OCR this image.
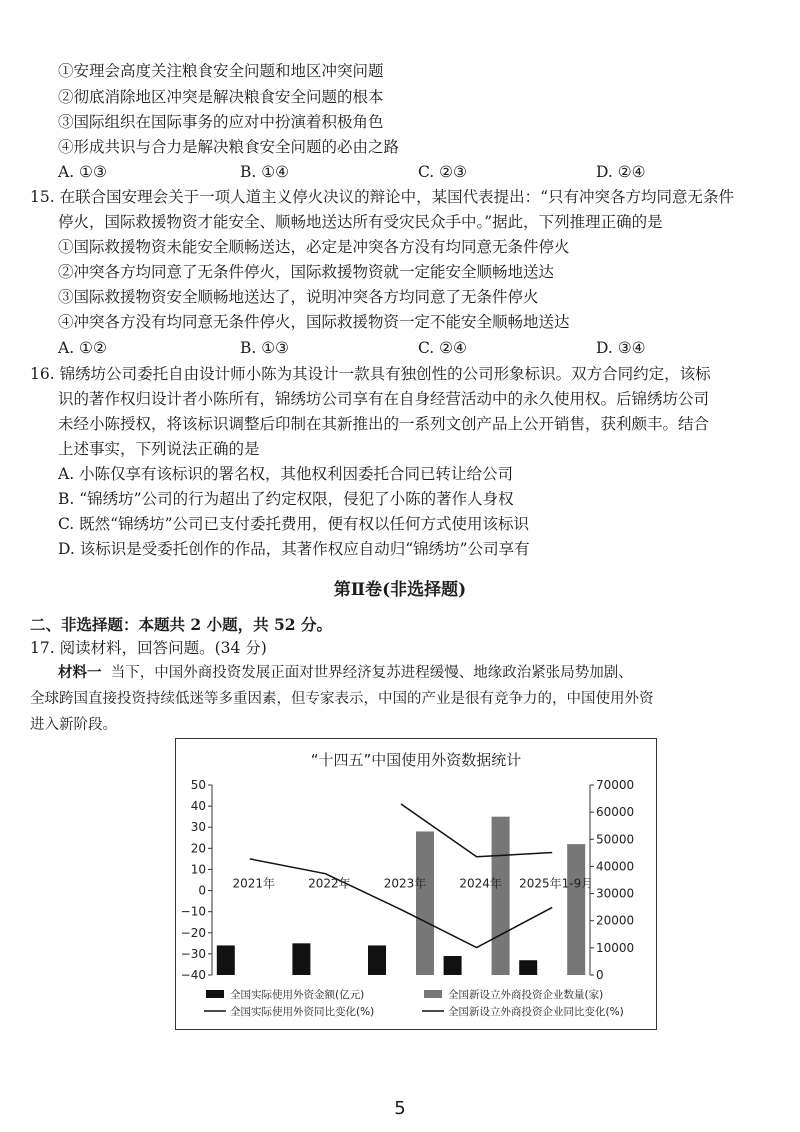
①安理会高度关注粮食安全问题和地区冲突问题
②彻底消除地区冲突是解决粮食安全问题的根本
③国际组织在国际事务的应对中扮演着积极角色
④形成共识与合力是解决粮食安全问题的必由之路
A. ①③	B. ①④	C. ②③	D. ②④
15. 在联合国安理会关于一项人道主义停火决议的辩论中，某国代表提出：“只有冲突各方均同意无条件
停火，国际救援物资才能安全、顺畅地送达所有受灾民众手中。”据此，下列推理正确的是
①国际救援物资未能安全顺畅送达，必定是冲突各方没有均同意无条件停火
②冲突各方均同意了无条件停火，国际救援物资就一定能安全顺畅地送达
③国际救援物资安全顺畅地送达了，说明冲突各方均同意了无条件停火
④冲突各方没有均同意无条件停火，国际救援物资一定不能安全顺畅地送达
A. ①②	B. ①③	C. ②④	D. ③④
16. 锦绣坊公司委托自由设计师小陈为其设计一款具有独创性的公司形象标识。双方合同约定，该标
识的著作权归设计者小陈所有，锦绣坊公司享有在自身经营活动中的永久使用权。后锦绣坊公司
未经小陈授权，将该标识调整后印制在其新推出的一系列文创产品上公开销售，获利颇丰。结合
上述事实，下列说法正确的是
A. 小陈仅享有该标识的署名权，其他权利因委托合同已转让给公司
B. “锦绣坊”公司的行为超出了约定权限，侵犯了小陈的著作人身权
C. 既然“锦绣坊”公司已支付委托费用，便有权以任何方式使用该标识
D. 该标识是受委托创作的作品，其著作权应自动归“锦绣坊”公司享有
第Ⅱ卷(非选择题)
二、非选择题：本题共 2 小题，共 52 分。
17. 阅读材料，回答问题。(34 分)
材料一 当下，中国外商投资发展正面对世界经济复苏进程缓慢、地缘政治紧张局势加剧、
全球跨国直接投资持续低迷等多重因素，但专家表示，中国的产业是很有竞争力的，中国使用外资
进入新阶段。
“十四五”中国使用外资数据统计
50
40
30
20
10
0
−10
−20
−30
−40
70000
60000
50000
40000
30000
20000
10000
0
2021年	2022年	2023年	2024年 2025年1-9月
全国实际使用外资金额(亿元)	全国新设立外商投资企业数量(家)
全国实际使用外资同比变化(%)	全国新设立外商投资企业同比变化(%)
5
